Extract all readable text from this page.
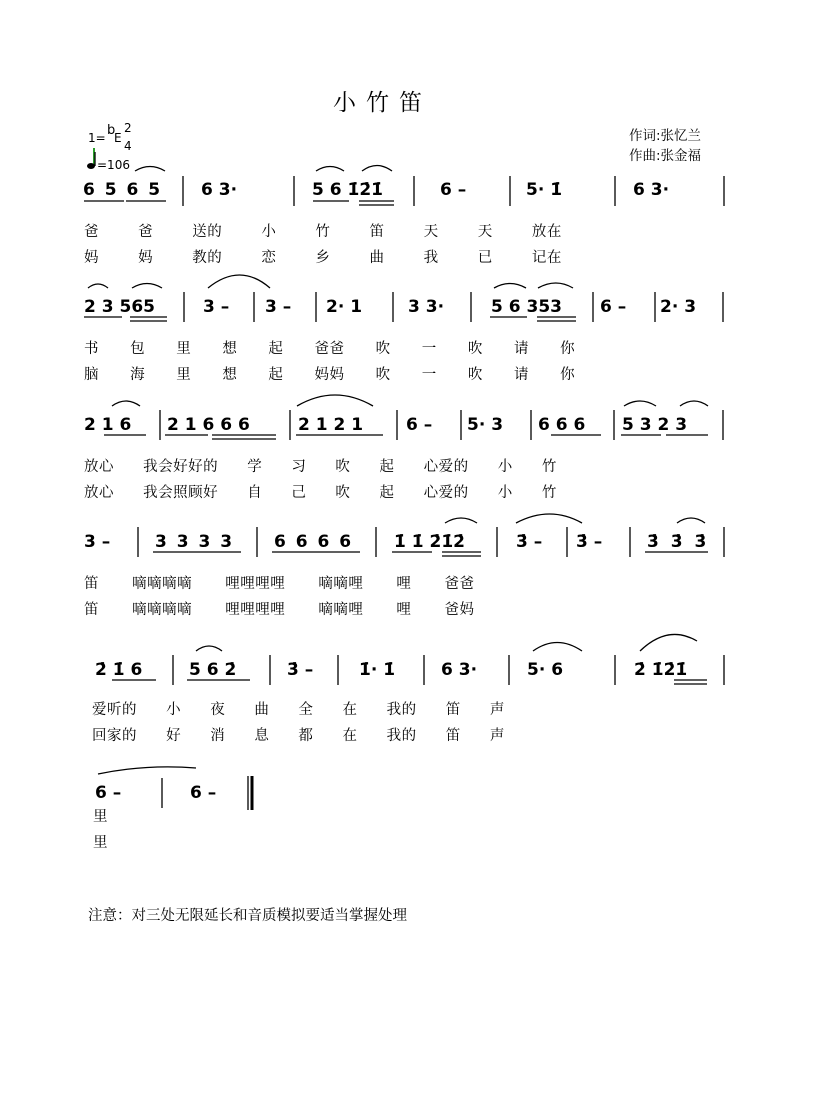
小竹笛
1= b
E
2
4
=106
作词:张忆兰
作曲:张金福
6 5 6 5 6 3·	5 6 1̇2̇1̇	6 –	5· 1̇	6 3·
爸 爸 送的 小 竹 笛 天 天 放在
妈 妈 教的 恋 乡 曲 我 已 记在
2 3 565	3 – 3 – 2· 1	3 3·	5 6 353 6 – 2· 3
书 包 里 想 起 爸爸 吹 一 吹 请 你
脑 海 里 想 起 妈妈 吹 一 吹 请 你
2 1 6 2 1 6 6 6	2 1 2 1	6 – 5· 3 6 6 6 5 3 2 3
放心 我会好好的 学 习 吹 起 心爱的 小 竹
放心 我会照顾好 自 己 吹 起 心爱的 小 竹
3 –	3 3 3 3 6 6 6 6 1̇ 1̇ 2̇1̇2̇	3̇ – 3̇ –	3̇ 3̇ 3̇
笛 嘀嘀嘀嘀 哩哩哩哩 嘀嘀哩 哩 爸爸
笛 嘀嘀嘀嘀 哩哩哩哩 嘀嘀哩 哩 爸妈
2̇ 1̇ 6	5 6 2̇	3̇ –	1̇· 1̇	6 3·	5· 6	2̇ 1̇2̇1̇
爱听的 小 夜 曲 全 在 我的 笛 声
回家的 好 消 息 都 在 我的 笛 声
6 –	6 –
里
里
注意：对三处无限延长和音质模拟要适当掌握处理
